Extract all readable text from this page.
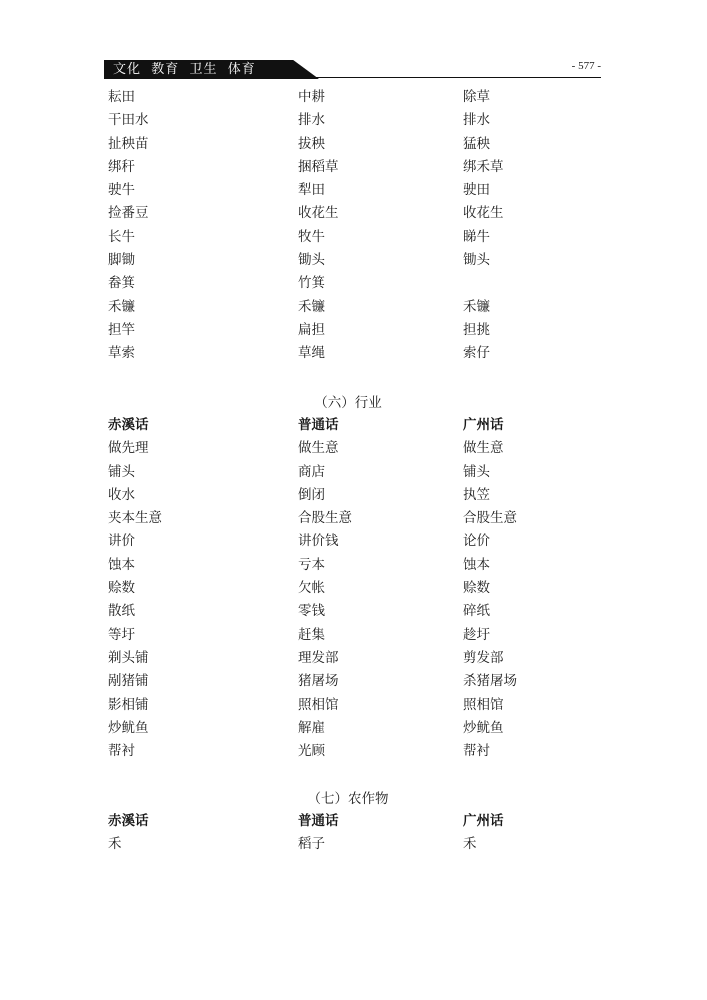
文化  教育  卫生  体育	- 577 -
耘田	中耕	除草
干田水	排水	排水
扯秧苗	拔秧	猛秧
绑秆	捆稻草	绑禾草
驶牛	犁田	驶田
捡番豆	收花生	收花生
长牛	牧牛	睇牛
脚锄	锄头	锄头
畚箕	竹箕
禾镰	禾镰	禾镰
担竿	扁担	担挑
草索	草绳	索仔
（六）行业
赤溪话	普通话	广州话
做先理	做生意	做生意
铺头	商店	铺头
收水	倒闭	执笠
夹本生意	合股生意	合股生意
讲价	讲价钱	论价
蚀本	亏本	蚀本
赊数	欠帐	赊数
散纸	零钱	碎纸
等圩	赶集	趁圩
剃头铺	理发部	剪发部
剐猪铺	猪屠场	杀猪屠场
影相铺	照相馆	照相馆
炒鱿鱼	解雇	炒鱿鱼
帮衬	光顾	帮衬
（七）农作物
赤溪话	普通话	广州话
禾	稻子	禾
